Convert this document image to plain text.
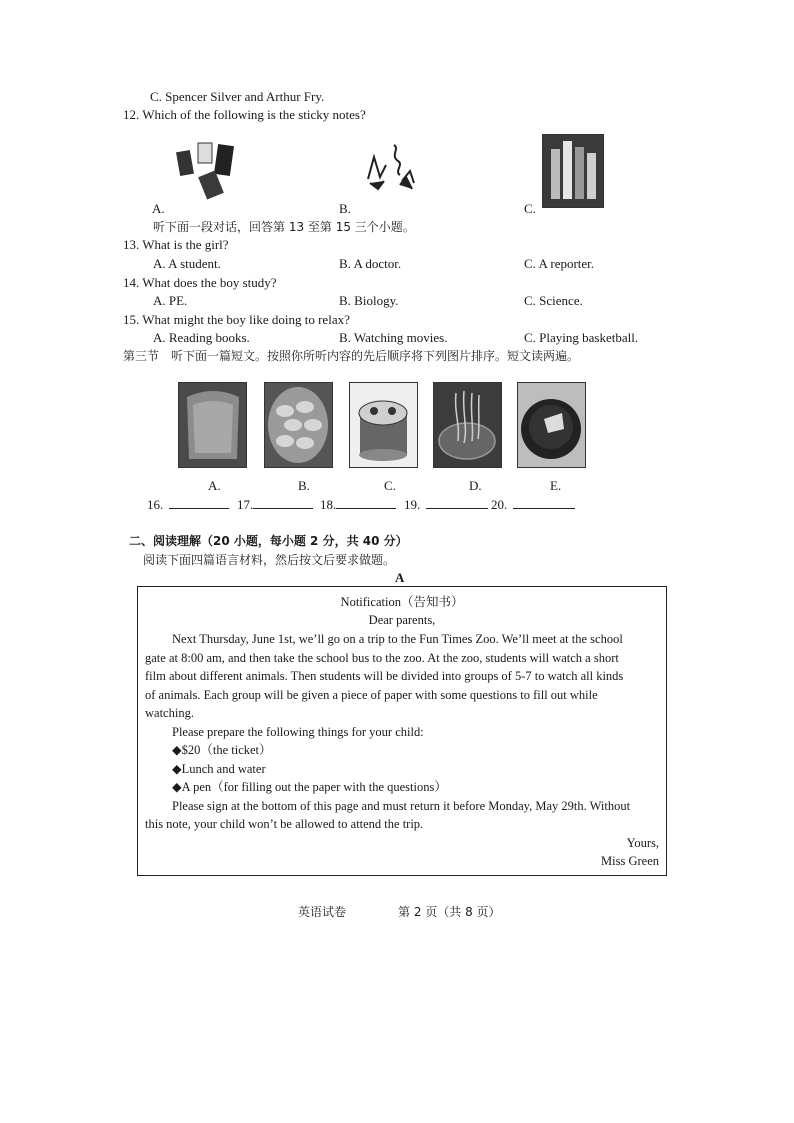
C. Spencer Silver and Arthur Fry.
12. Which of the following is the sticky notes?
A.	B.	C.
听下面一段对话，回答第 13 至第 15 三个小题。
13. What is the girl?
A. A student.	B. A doctor.	C. A reporter.
14. What does the boy study?
A. PE.	B. Biology.	C. Science.
15. What might the boy like doing to relax?
A. Reading books.	B. Watching movies.	C. Playing basketball.
第三节　听下面一篇短文。按照你所听内容的先后顺序将下列图片排序。短文读两遍。
A.	B.	C.	D.	E.
16.	17.	18.	19.	20.
二、阅读理解（20 小题，每小题 2 分，共 40 分）
阅读下面四篇语言材料，然后按文后要求做题。
A
Notification（告知书）
Dear parents,
Next Thursday, June 1st, we’ll go on a trip to the Fun Times Zoo. We’ll meet at the school
gate at 8:00 am, and then take the school bus to the zoo. At the zoo, students will watch a short
film about different animals. Then students will be divided into groups of 5-7 to watch all kinds
of animals. Each group will be given a piece of paper with some questions to fill out while
watching.
Please prepare the following things for your child:
◆$20（the ticket）
◆Lunch and water
◆A pen（for filling out the paper with the questions）
Please sign at the bottom of this page and must return it before Monday, May 29th. Without
this note, your child won’t be allowed to attend the trip.
Yours,
Miss Green
英语试卷	第 2 页（共 8 页）
